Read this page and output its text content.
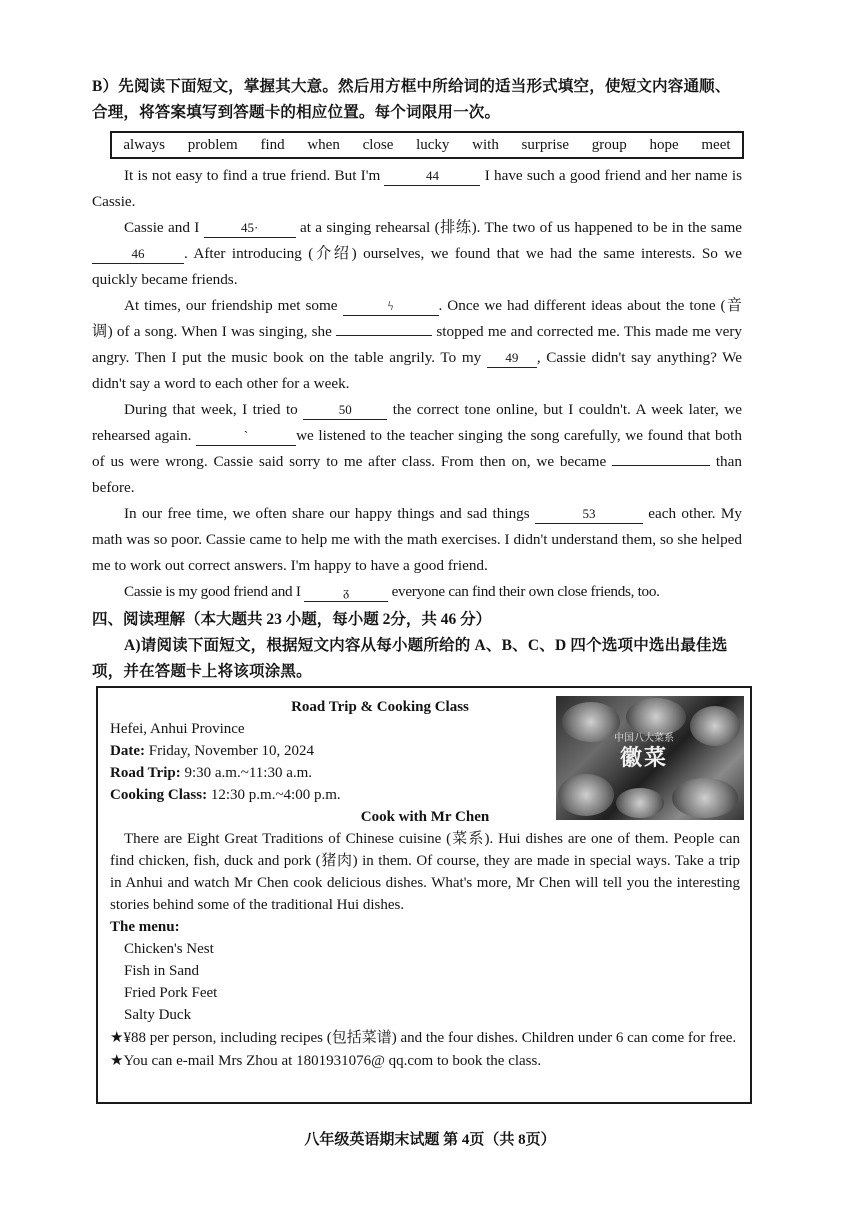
B）先阅读下面短文，掌握其大意。然后用方框中所给词的适当形式填空，使短文内容通顺、合理，将答案填写到答题卡的相应位置。每个词限用一次。

always problem find when close lucky with surprise group hope meet

It is not easy to find a true friend. But I'm	44	I have such a good friend and her name is Cassie.

Cassie and I	45·	at a singing rehearsal (排练). The two of us happened to be in the same 46	. After introducing (介绍) ourselves, we found that we had the same interests. So we quickly became friends.

At times, our friendship met some	ϟ	. Once we had different ideas about the tone (音调) of a song. When I was singing, she	stopped me and corrected me. This made me very angry. Then I put the music book on the table angrily. To my 49 , Cassie didn't say anything? We didn't say a word to each other for a week.

During that week, I tried to	50 the correct tone online, but I couldn't. A week later, we rehearsed again.	`	we listened to the teacher singing the song carefully, we found that both of us were wrong. Cassie said sorry to me after class. From then on, we became	than before.

In our free time, we often share our happy things and sad things	53	each other. My math was so poor. Cassie came to help me with the math exercises. I didn't understand them, so she helped me to work out correct answers. I'm happy to have a good friend.

Cassie is my good friend and I	ᵹ	everyone can find their own close friends, too.

四、阅读理解（本大题共 23 小题，每小题 2分，共 46 分）

A)请阅读下面短文，根据短文内容从每小题所给的 A、B、C、D 四个选项中选出最佳选项，并在答题卡上将该项涂黑。

中国八大菜系
徽菜

Road Trip & Cooking Class

Hefei, Anhui Province

Date: Friday, November 10, 2024

Road Trip: 9:30 a.m.~11:30 a.m.

Cooking Class: 12:30 p.m.~4:00 p.m.

Cook with Mr Chen

There are Eight Great Traditions of Chinese cuisine (菜系). Hui dishes are one of them. People can find chicken, fish, duck and pork (猪肉) in them. Of course, they are made in special ways. Take a trip in Anhui and watch Mr Chen cook delicious dishes. What's more, Mr Chen will tell you the interesting stories behind some of the traditional Hui dishes.

The menu:

Chicken's Nest

Fish in Sand

Fried Pork Feet

Salty Duck

★¥88 per person, including recipes (包括菜谱) and the four dishes. Children under 6 can come for free.

★You can e-mail Mrs Zhou at 1801931076@ qq.com to book the class.

八年级英语期末试题 第 4页（共 8页）
